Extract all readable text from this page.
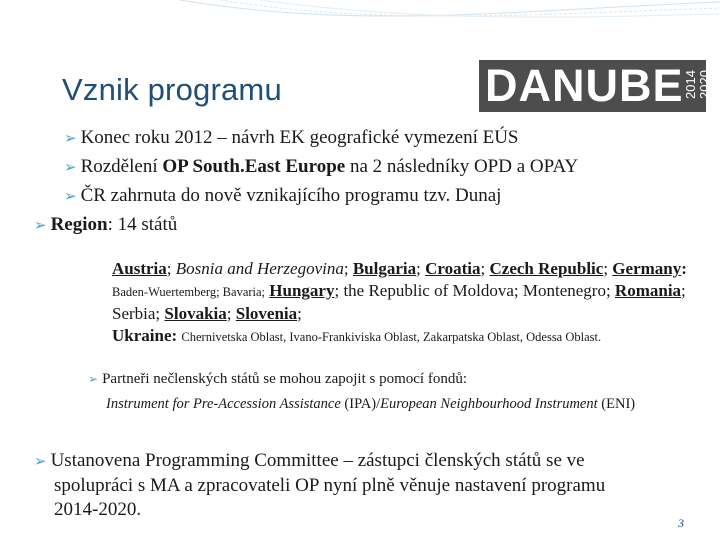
Vznik programu	DANUBE 2014 2020
➢ Konec roku 2012 – návrh EK geografické vymezení EÚS
➢ Rozdělení OP South.East Europe na 2 následníky OPD a OPAY
➢ ČR zahrnuta do nově vznikajícího programu tzv. Dunaj
➢ Region: 14 států
Austria; Bosnia and Herzegovina; Bulgaria; Croatia; Czech Republic; Germany: Baden-Wuertemberg; Bavaria; Hungary; the Republic of Moldova; Montenegro; Romania; Serbia; Slovakia; Slovenia;
Ukraine: Chernivetska Oblast, Ivano-Frankiviska Oblast, Zakarpatska Oblast, Odessa Oblast.
➢ Partneři nečlenských států se mohou zapojit s pomocí fondů:
Instrument for Pre-Accession Assistance (IPA)/European Neighbourhood Instrument (ENI)
➢ Ustanovena Programming Committee – zástupci členských států se ve
spolupráci s MA a zpracovateli OP nyní plně věnuje nastavení programu
2014-2020.
3
